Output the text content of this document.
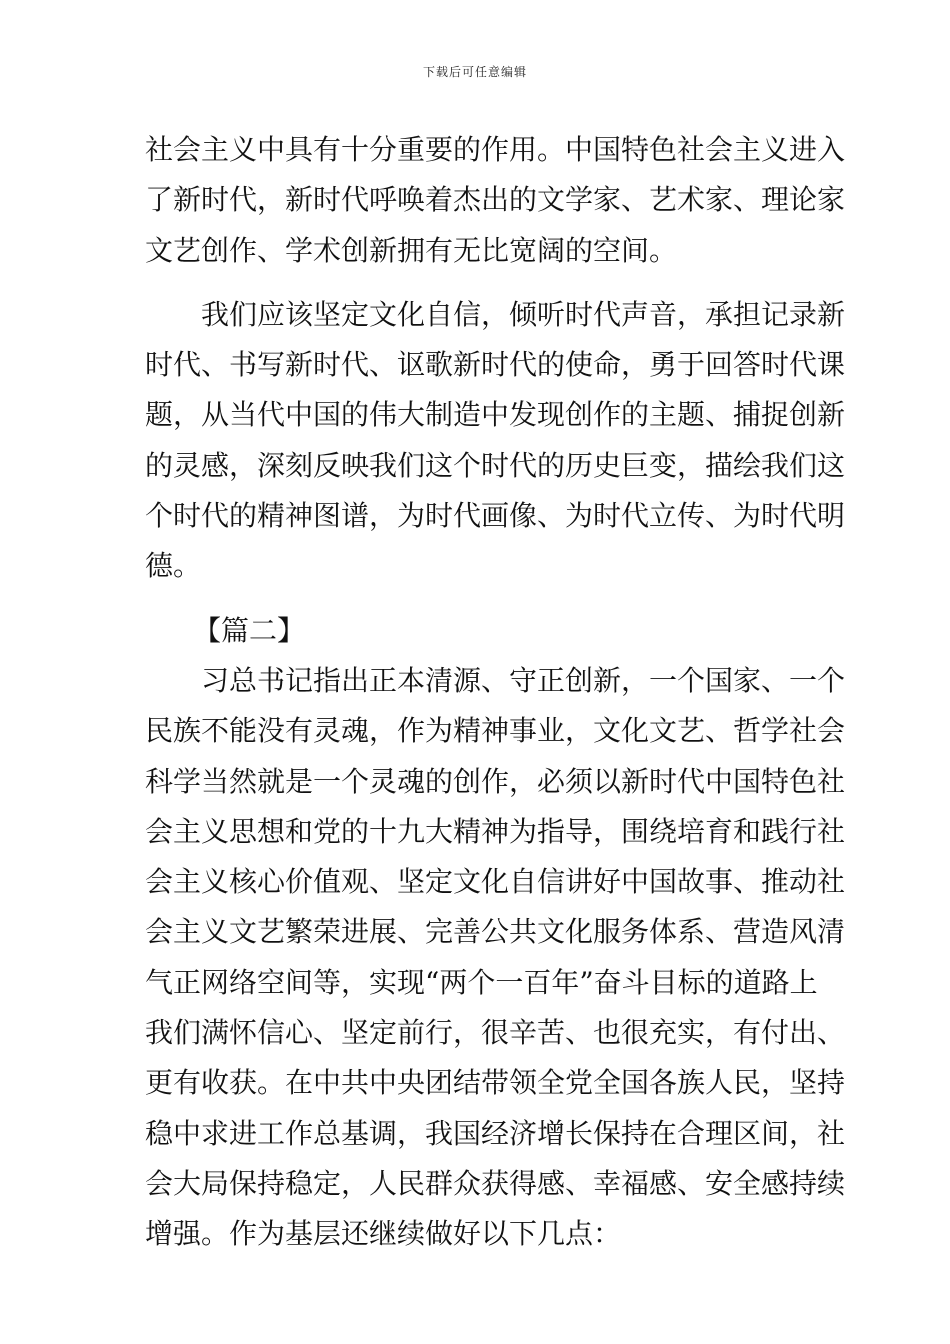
下载后可任意编辑
社会主义中具有十分重要的作用。中国特色社会主义进入
了新时代，新时代呼唤着杰出的文学家、艺术家、理论家
文艺创作、学术创新拥有无比宽阔的空间。
我们应该坚定文化自信，倾听时代声音，承担记录新
时代、书写新时代、讴歌新时代的使命，勇于回答时代课
题，从当代中国的伟大制造中发现创作的主题、捕捉创新
的灵感，深刻反映我们这个时代的历史巨变，描绘我们这
个时代的精神图谱，为时代画像、为时代立传、为时代明
德。
【篇二】
习总书记指出正本清源、守正创新，一个国家、一个
民族不能没有灵魂，作为精神事业，文化文艺、哲学社会
科学当然就是一个灵魂的创作，必须以新时代中国特色社
会主义思想和党的十九大精神为指导，围绕培育和践行社
会主义核心价值观、坚定文化自信讲好中国故事、推动社
会主义文艺繁荣进展、完善公共文化服务体系、营造风清
气正网络空间等，实现“两个一百年”奋斗目标的道路上
我们满怀信心、坚定前行，很辛苦、也很充实，有付出、
更有收获。在中共中央团结带领全党全国各族人民，坚持
稳中求进工作总基调，我国经济增长保持在合理区间，社
会大局保持稳定，人民群众获得感、幸福感、安全感持续
增强。作为基层还继续做好以下几点：
